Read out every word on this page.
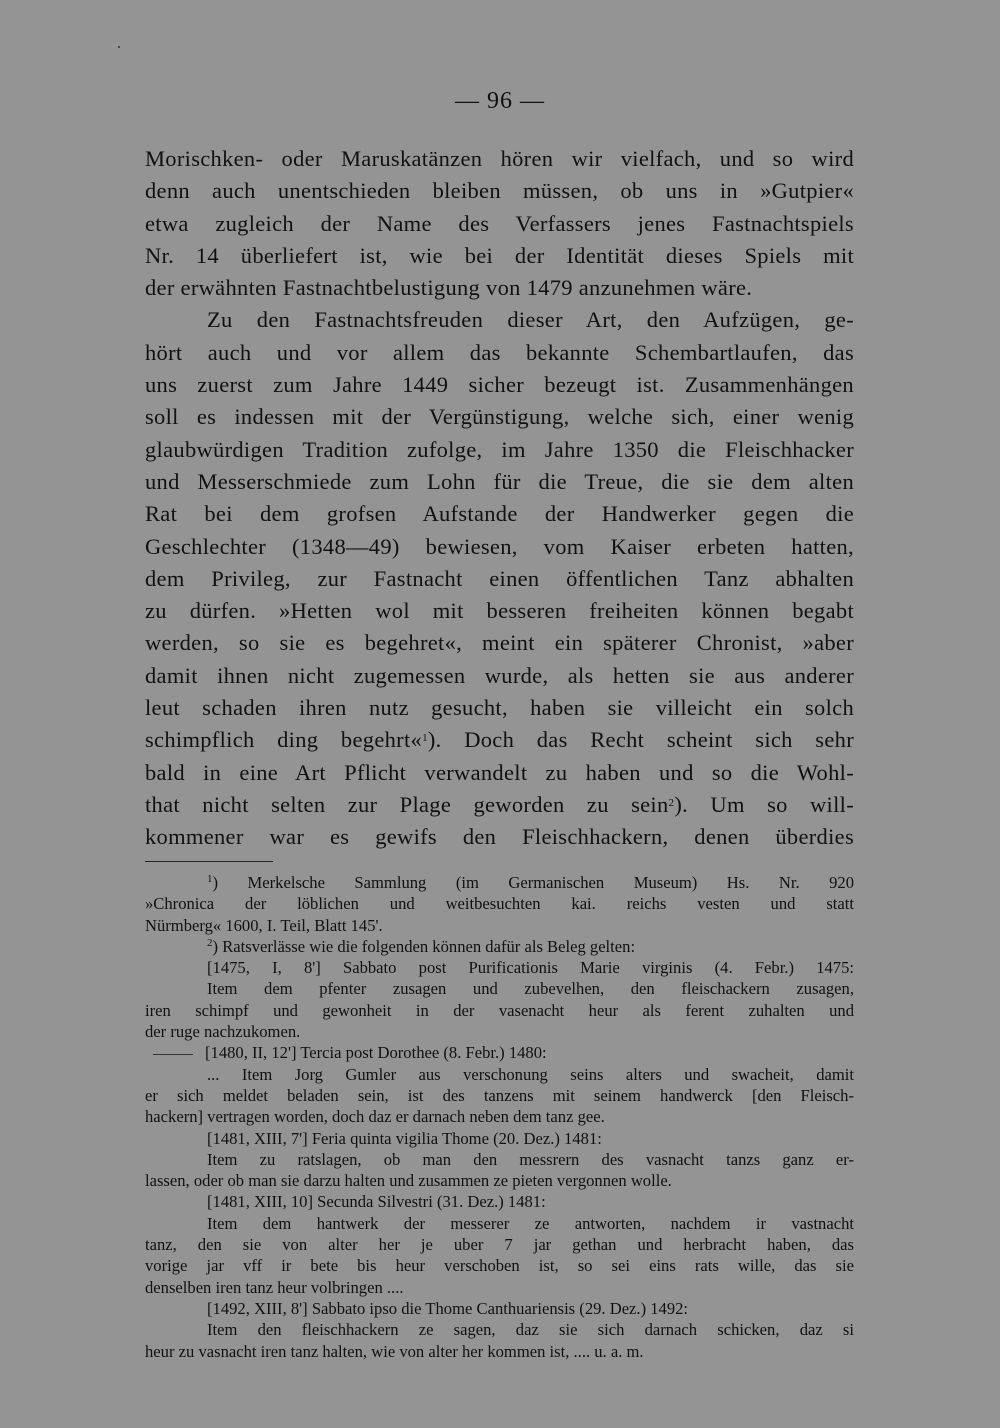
— 96 —
Morischken- oder Maruskatänzen hören wir vielfach, und so wird
denn auch unentschieden bleiben müssen, ob uns in »Gutpier«
etwa zugleich der Name des Verfassers jenes Fastnachtspiels
Nr. 14 überliefert ist, wie bei der Identität dieses Spiels mit
der erwähnten Fastnachtbelustigung von 1479 anzunehmen wäre.
Zu den Fastnachtsfreuden dieser Art, den Aufzügen, ge-
hört auch und vor allem das bekannte Schembartlaufen, das
uns zuerst zum Jahre 1449 sicher bezeugt ist. Zusammenhängen
soll es indessen mit der Vergünstigung, welche sich, einer wenig
glaubwürdigen Tradition zufolge, im Jahre 1350 die Fleischhacker
und Messerschmiede zum Lohn für die Treue, die sie dem alten
Rat bei dem grofsen Aufstande der Handwerker gegen die
Geschlechter (1348—49) bewiesen, vom Kaiser erbeten hatten,
dem Privileg, zur Fastnacht einen öffentlichen Tanz abhalten
zu dürfen. »Hetten wol mit besseren freiheiten können begabt
werden, so sie es begehret«, meint ein späterer Chronist, »aber
damit ihnen nicht zugemessen wurde, als hetten sie aus anderer
leut schaden ihren nutz gesucht, haben sie villeicht ein solch
schimpflich ding begehrt«$^1$). Doch das Recht scheint sich sehr
bald in eine Art Pflicht verwandelt zu haben und so die Wohl-
that nicht selten zur Plage geworden zu sein$^2$). Um so will-
kommener war es gewifs den Fleischhackern, denen überdies
$^1$) Merkelsche Sammlung (im Germanischen Museum) Hs. Nr. 920
»Chronica der löblichen und weitbesuchten kai. reichs vesten und statt
Nürmberg« 1600, I. Teil, Blatt 145'.
$^2$) Ratsverlässe wie die folgenden können dafür als Beleg gelten:
[1475, I, 8'] Sabbato post Purificationis Marie virginis (4. Febr.) 1475:
Item dem pfenter zusagen und zubevelhen, den fleischackern zusagen,
iren schimpf und gewonheit in der vasenacht heur als ferent zuhalten und
der ruge nachzukomen.
[1480, II, 12'] Tercia post Dorothee (8. Febr.) 1480:
... Item Jorg Gumler aus verschonung seins alters und swacheit, damit
er sich meldet beladen sein, ist des tanzens mit seinem handwerck [den Fleisch-
hackern] vertragen worden, doch daz er darnach neben dem tanz gee.
[1481, XIII, 7'] Feria quinta vigilia Thome (20. Dez.) 1481:
Item zu ratslagen, ob man den messrern des vasnacht tanzs ganz er-
lassen, oder ob man sie darzu halten und zusammen ze pieten vergonnen wolle.
[1481, XIII, 10] Secunda Silvestri (31. Dez.) 1481:
Item dem hantwerk der messerer ze antworten, nachdem ir vastnacht
tanz, den sie von alter her je uber 7 jar gethan und herbracht haben, das
vorige jar vff ir bete bis heur verschoben ist, so sei eins rats wille, das sie
denselben iren tanz heur volbringen ....
[1492, XIII, 8'] Sabbato ipso die Thome Canthuariensis (29. Dez.) 1492:
Item den fleischhackern ze sagen, daz sie sich darnach schicken, daz si
heur zu vasnacht iren tanz halten, wie von alter her kommen ist, .... u. a. m.
